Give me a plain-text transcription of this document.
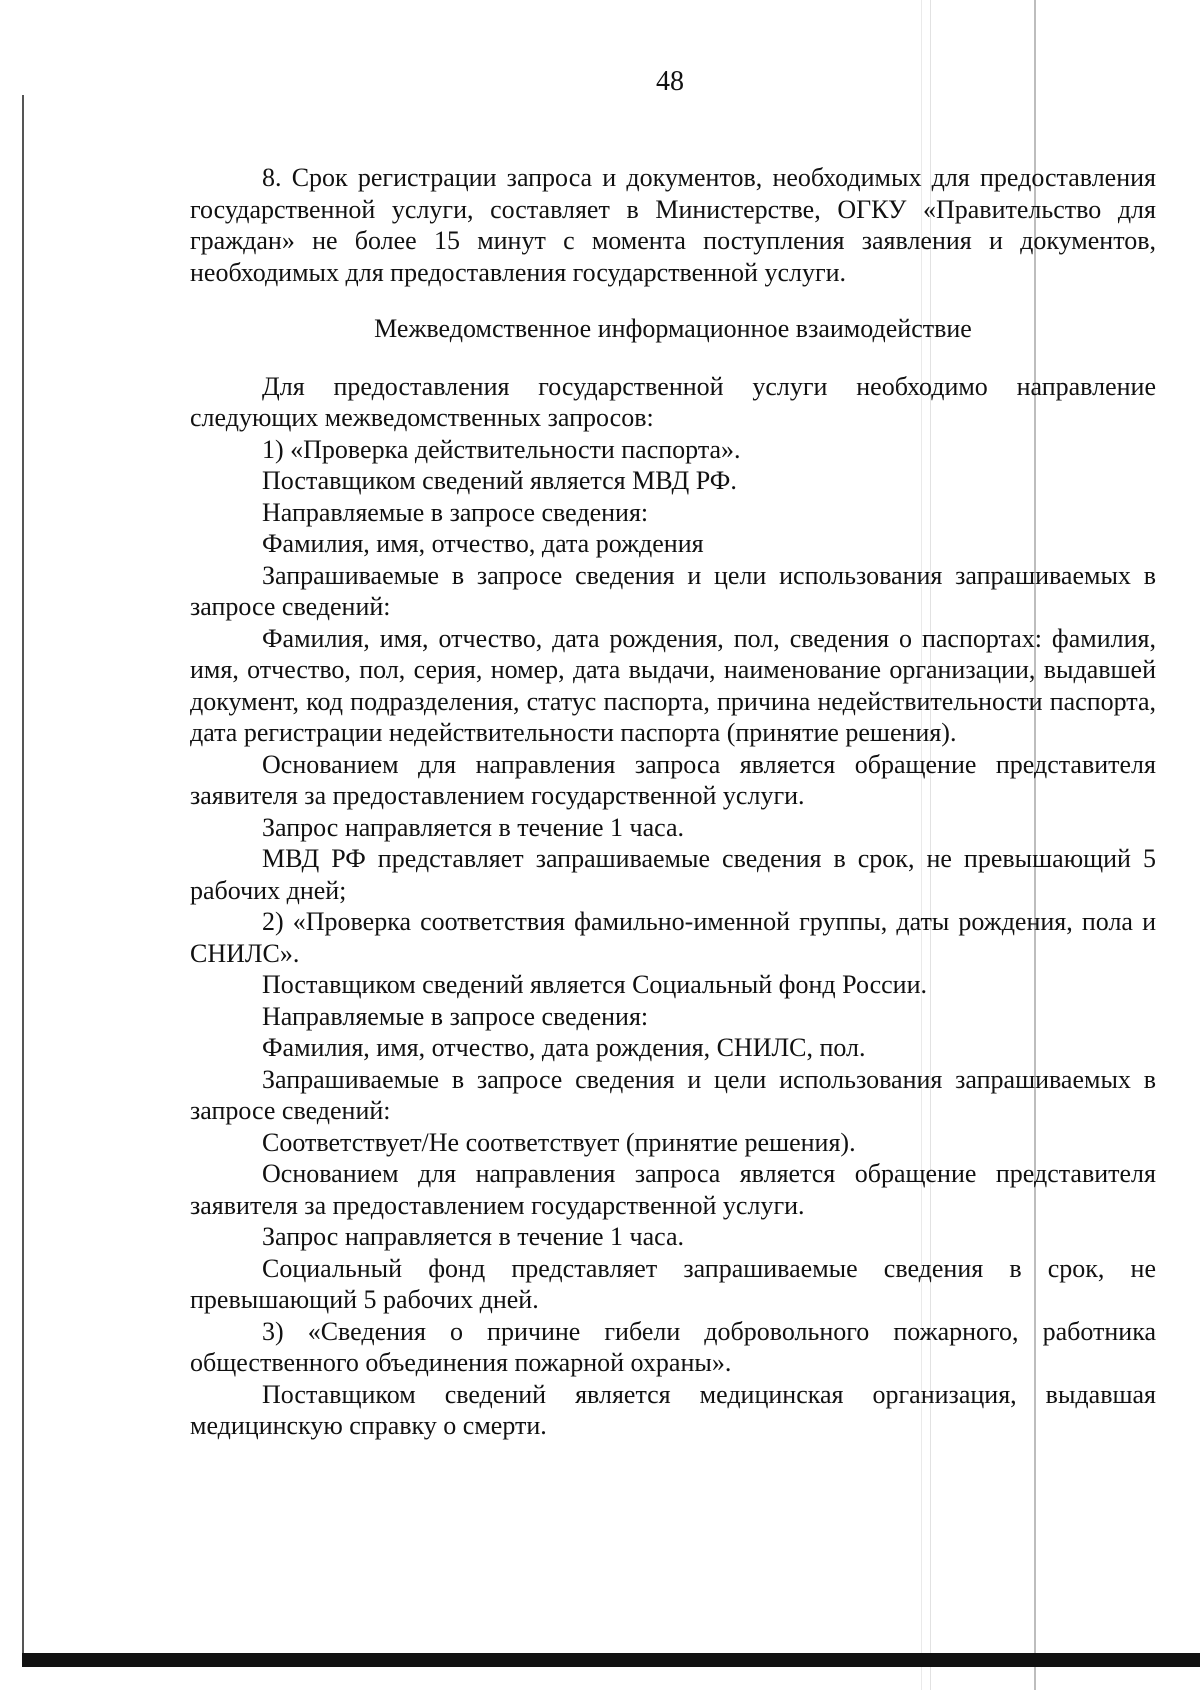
48

8. Срок регистрации запроса и документов, необходимых для предоставления государственной услуги, составляет в Министерстве, ОГКУ «Правительство для граждан» не более 15 минут с момента поступления заявления и документов, необходимых для предоставления государственной услуги.

Межведомственное информационное взаимодействие

Для предоставления государственной услуги необходимо направление следующих межведомственных запросов:

1) «Проверка действительности паспорта».

Поставщиком сведений является МВД РФ.

Направляемые в запросе сведения:

Фамилия, имя, отчество, дата рождения

Запрашиваемые в запросе сведения и цели использования запрашиваемых в запросе сведений:

Фамилия, имя, отчество, дата рождения, пол, сведения о паспортах: фамилия, имя, отчество, пол, серия, номер, дата выдачи, наименование организации, выдавшей документ, код подразделения, статус паспорта, причина недействительности паспорта, дата регистрации недействительности паспорта (принятие решения).

Основанием для направления запроса является обращение представителя заявителя за предоставлением государственной услуги.

Запрос направляется в течение 1 часа.

МВД РФ представляет запрашиваемые сведения в срок, не превышающий 5 рабочих дней;

2) «Проверка соответствия фамильно-именной группы, даты рождения, пола и СНИЛС».

Поставщиком сведений является Социальный фонд России.

Направляемые в запросе сведения:

Фамилия, имя, отчество, дата рождения, СНИЛС, пол.

Запрашиваемые в запросе сведения и цели использования запрашиваемых в запросе сведений:

Соответствует/Не соответствует (принятие решения).

Основанием для направления запроса является обращение представителя заявителя за предоставлением государственной услуги.

Запрос направляется в течение 1 часа.

Социальный фонд представляет запрашиваемые сведения в срок, не превышающий 5 рабочих дней.

3) «Сведения о причине гибели добровольного пожарного, работника общественного объединения пожарной охраны».

Поставщиком сведений является медицинская организация, выдавшая медицинскую справку о смерти.
